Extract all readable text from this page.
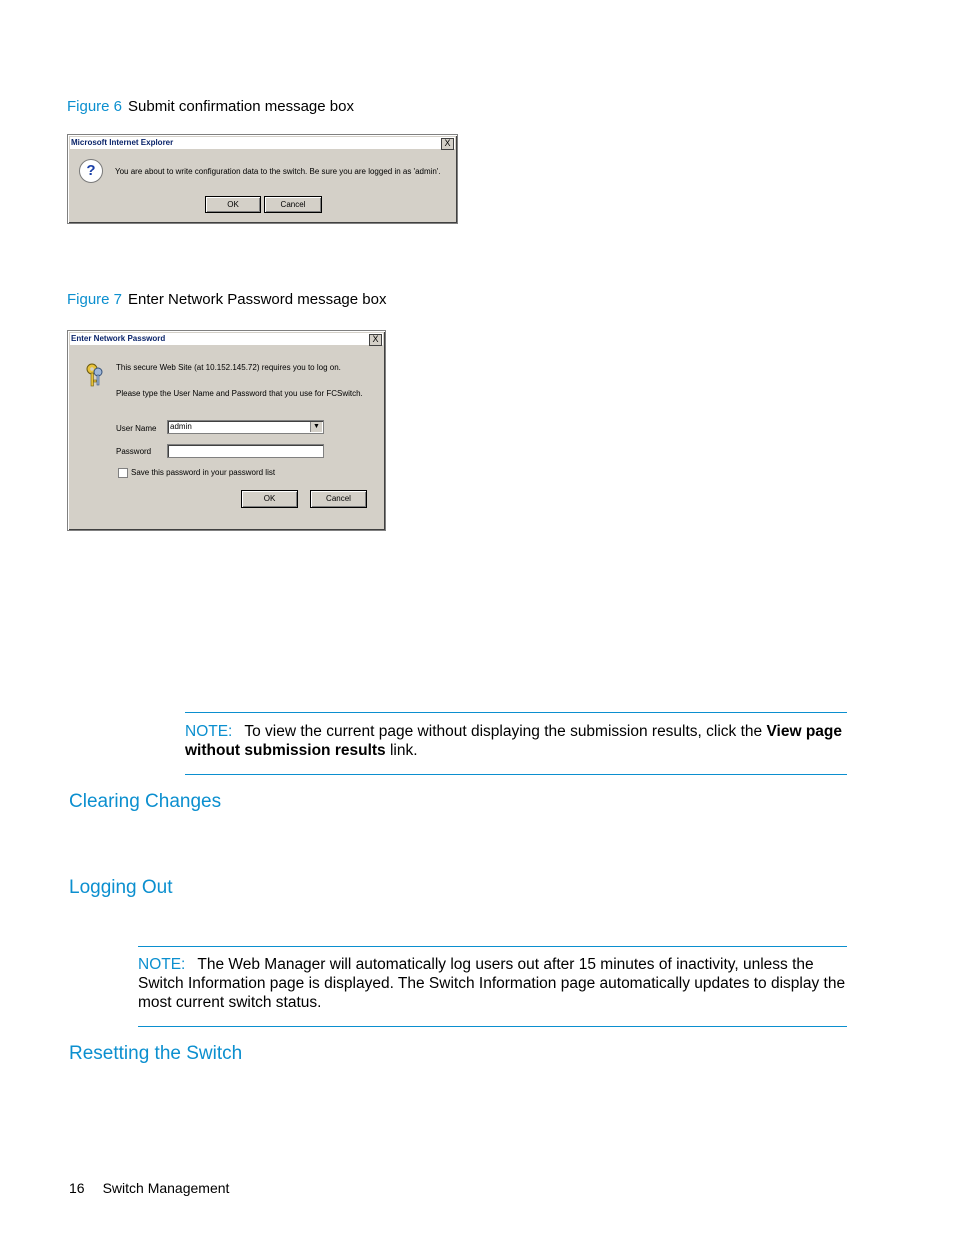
Figure 6 Submit confirmation message box
Microsoft Internet Explorer	X
?	You are about to write configuration data to the switch. Be sure you are logged in as 'admin'.
OK	Cancel
Figure 7 Enter Network Password message box
Enter Network Password	X
This secure Web Site (at 10.152.145.72) requires you to log on.
Please type the User Name and Password that you use for FCSwitch.
User Name	admin	▼
Password
Save this password in your password list
OK	Cancel
NOTE: To view the current page without displaying the submission results, click the View page without submission results link.
Clearing Changes
Logging Out
NOTE: The Web Manager will automatically log users out after 15 minutes of inactivity, unless the Switch Information page is displayed. The Switch Information page automatically updates to display the most current switch status.
Resetting the Switch
16 Switch Management
